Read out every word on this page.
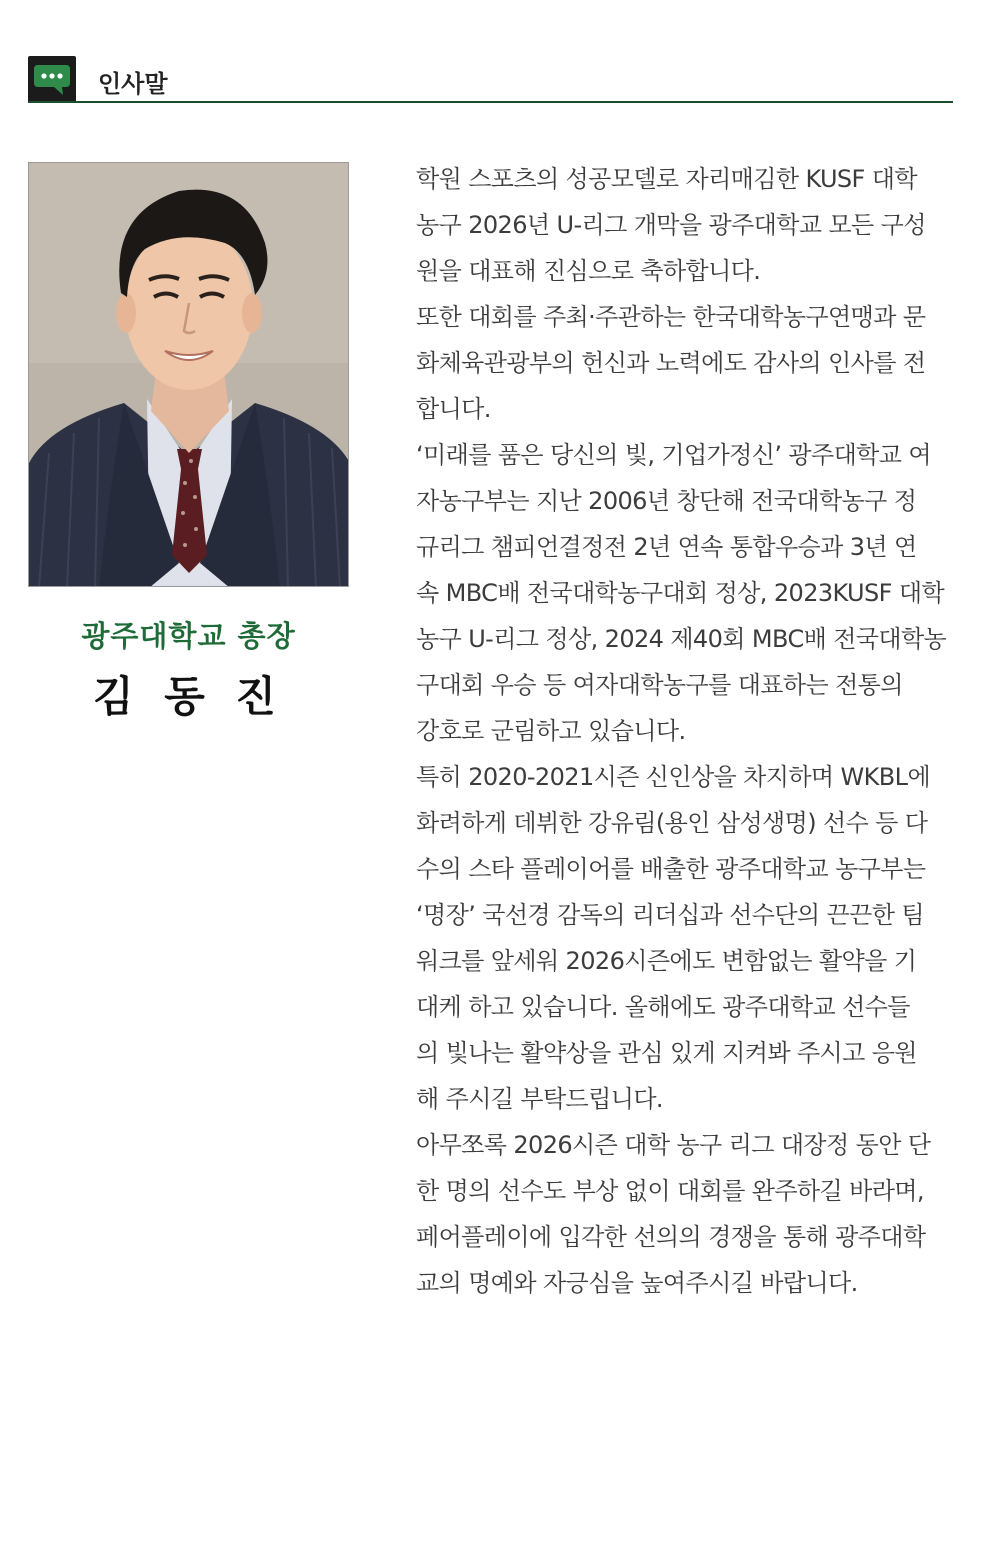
인사말
광주대학교 총장
김 동 진
학원 스포츠의 성공모델로 자리매김한 KUSF 대학
농구 2026년 U-리그 개막을 광주대학교 모든 구성
원을 대표해 진심으로 축하합니다.
또한 대회를 주최·주관하는 한국대학농구연맹과 문
화체육관광부의 헌신과 노력에도 감사의 인사를 전
합니다.
‘미래를 품은 당신의 빛, 기업가정신’ 광주대학교 여
자농구부는 지난 2006년 창단해 전국대학농구 정
규리그 챔피언결정전 2년 연속 통합우승과 3년 연
속 MBC배 전국대학농구대회 정상, 2023KUSF 대학
농구 U-리그 정상, 2024 제40회 MBC배 전국대학농
구대회 우승 등 여자대학농구를 대표하는 전통의
강호로 군림하고 있습니다.
특히 2020-2021시즌 신인상을 차지하며 WKBL에
화려하게 데뷔한 강유림(용인 삼성생명) 선수 등 다
수의 스타 플레이어를 배출한 광주대학교 농구부는
‘명장’ 국선경 감독의 리더십과 선수단의 끈끈한 팀
워크를 앞세워 2026시즌에도 변함없는 활약을 기
대케 하고 있습니다. 올해에도 광주대학교 선수들
의 빛나는 활약상을 관심 있게 지켜봐 주시고 응원
해 주시길 부탁드립니다.
아무쪼록 2026시즌 대학 농구 리그 대장정 동안 단
한 명의 선수도 부상 없이 대회를 완주하길 바라며,
페어플레이에 입각한 선의의 경쟁을 통해 광주대학
교의 명예와 자긍심을 높여주시길 바랍니다.
